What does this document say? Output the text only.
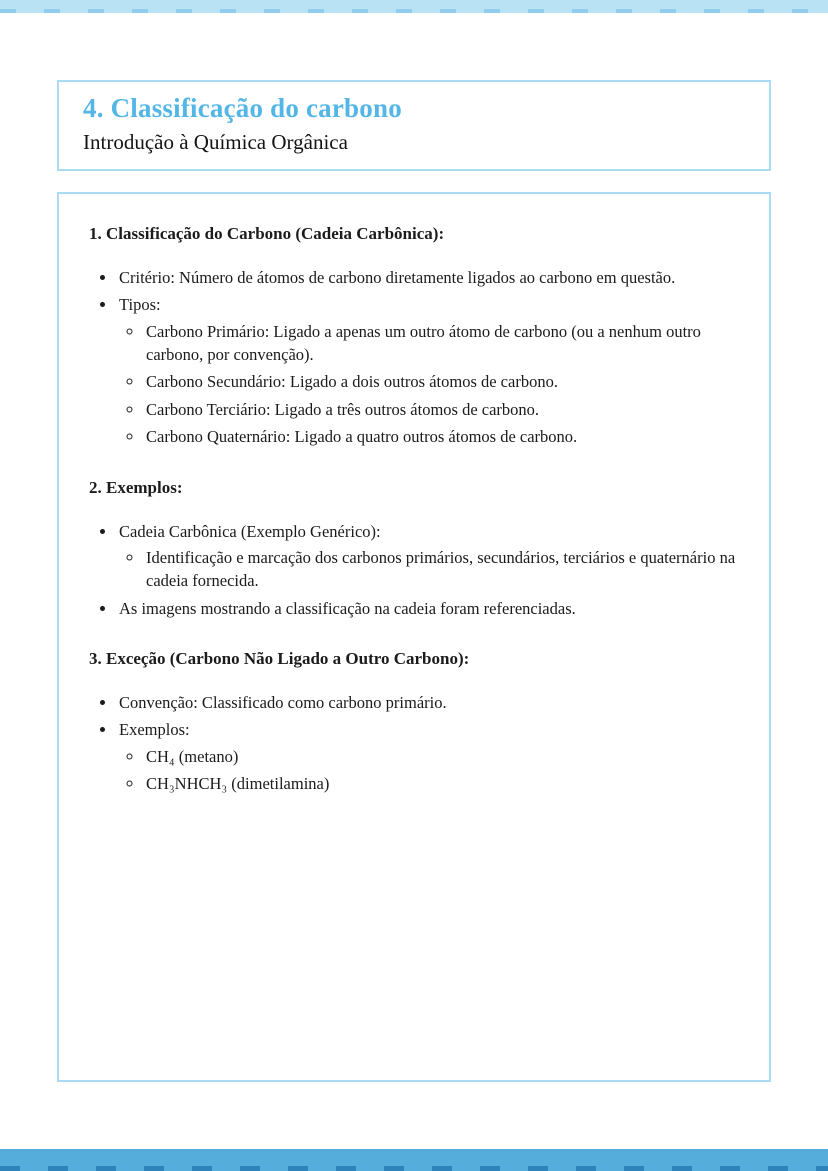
4. Classificação do carbono
Introdução à Química Orgânica
1. Classificação do Carbono (Cadeia Carbônica):
• Critério: Número de átomos de carbono diretamente ligados ao carbono em questão.
• Tipos:
◦ Carbono Primário: Ligado a apenas um outro átomo de carbono (ou a nenhum outro carbono, por convenção).
◦ Carbono Secundário: Ligado a dois outros átomos de carbono.
◦ Carbono Terciário: Ligado a três outros átomos de carbono.
◦ Carbono Quaternário: Ligado a quatro outros átomos de carbono.
2. Exemplos:
• Cadeia Carbônica (Exemplo Genérico):
◦ Identificação e marcação dos carbonos primários, secundários, terciários e quaternário na cadeia fornecida.
• As imagens mostrando a classificação na cadeia foram referenciadas.
3. Exceção (Carbono Não Ligado a Outro Carbono):
• Convenção: Classificado como carbono primário.
• Exemplos:
◦ CH₄ (metano)
◦ CH₃NHCH₃ (dimetilamina)
